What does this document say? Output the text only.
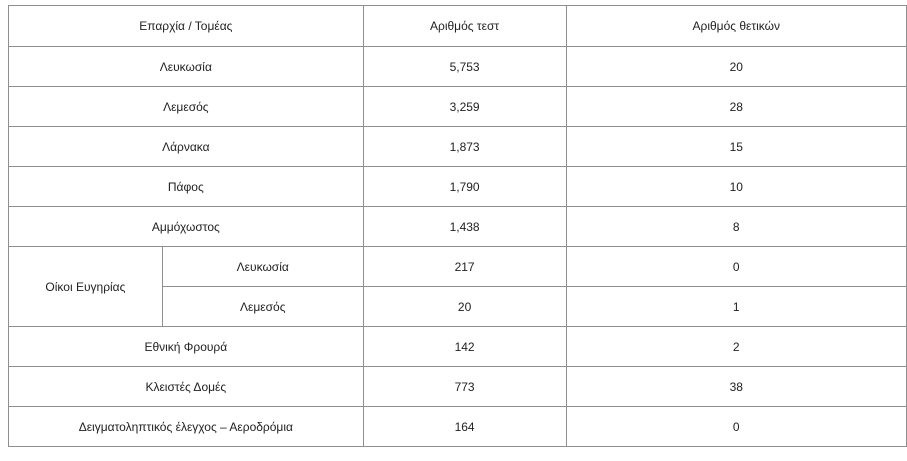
Επαρχία / Τομέας		Αριθμός τεστ	Αριθμός θετικών
Λευκωσία		5,753	20
Λεμεσός		3,259	28
Λάρνακα		1,873	15
Πάφος		1,790	10
Αμμόχωστος		1,438	8
Οίκοι Ευγηρίας	Λευκωσία	217	0
	Λεμεσός	20	1
Εθνική Φρουρά		142	2
Κλειστές Δομές		773	38
Δειγματοληπτικός έλεγχος – Αεροδρόμια		164	0
